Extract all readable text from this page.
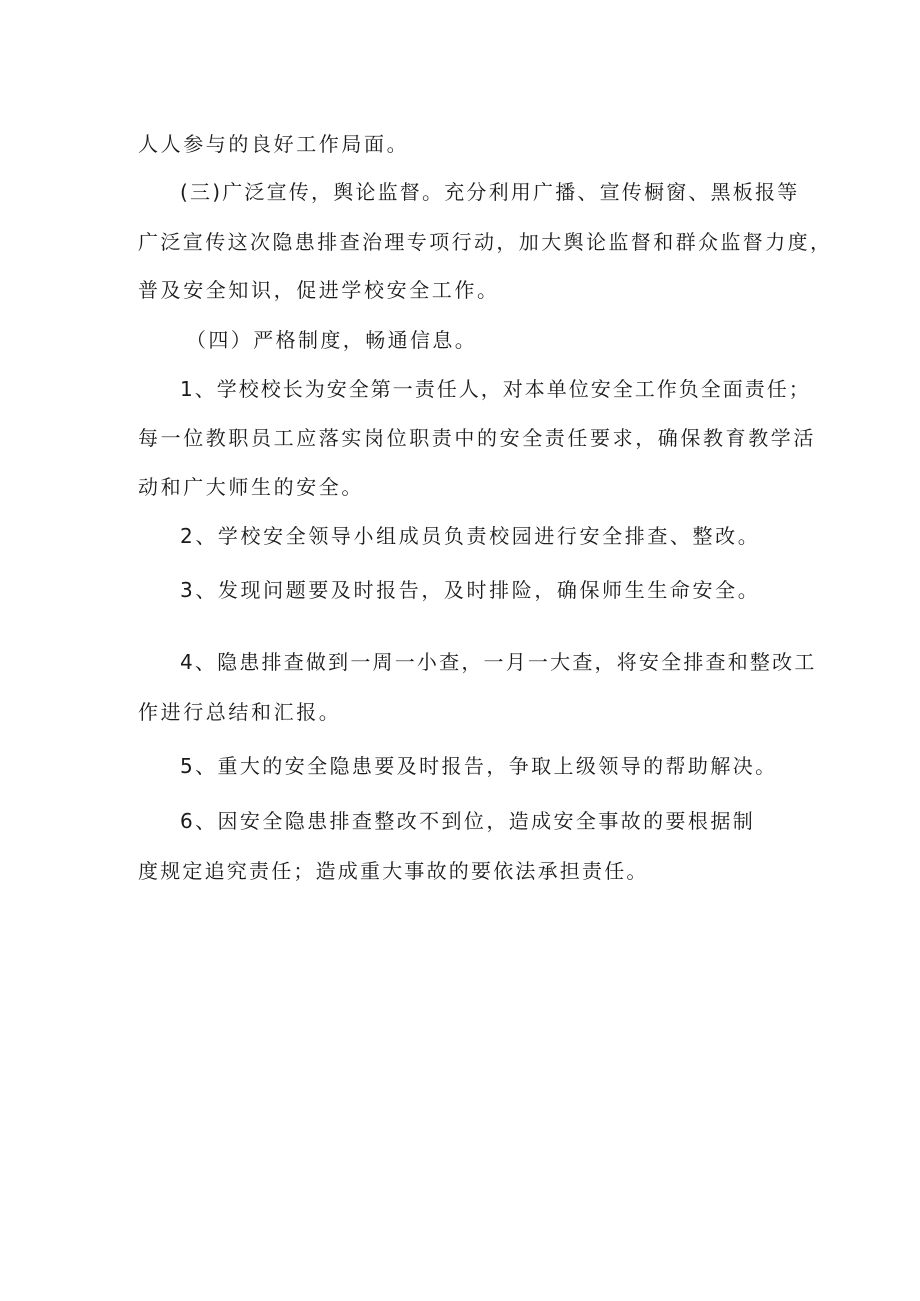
人人参与的良好工作局面。
(三)广泛宣传，舆论监督。充分利用广播、宣传橱窗、黑板报等
广泛宣传这次隐患排查治理专项行动，加大舆论监督和群众监督力度，
普及安全知识，促进学校安全工作。
（四）严格制度，畅通信息。
1、学校校长为安全第一责任人，对本单位安全工作负全面责任；
每一位教职员工应落实岗位职责中的安全责任要求，确保教育教学活
动和广大师生的安全。
2、学校安全领导小组成员负责校园进行安全排查、整改。
3、发现问题要及时报告，及时排险，确保师生生命安全。
4、隐患排查做到一周一小查，一月一大查，将安全排查和整改工
作进行总结和汇报。
5、重大的安全隐患要及时报告，争取上级领导的帮助解决。
6、因安全隐患排查整改不到位，造成安全事故的要根据制
度规定追究责任；造成重大事故的要依法承担责任。
